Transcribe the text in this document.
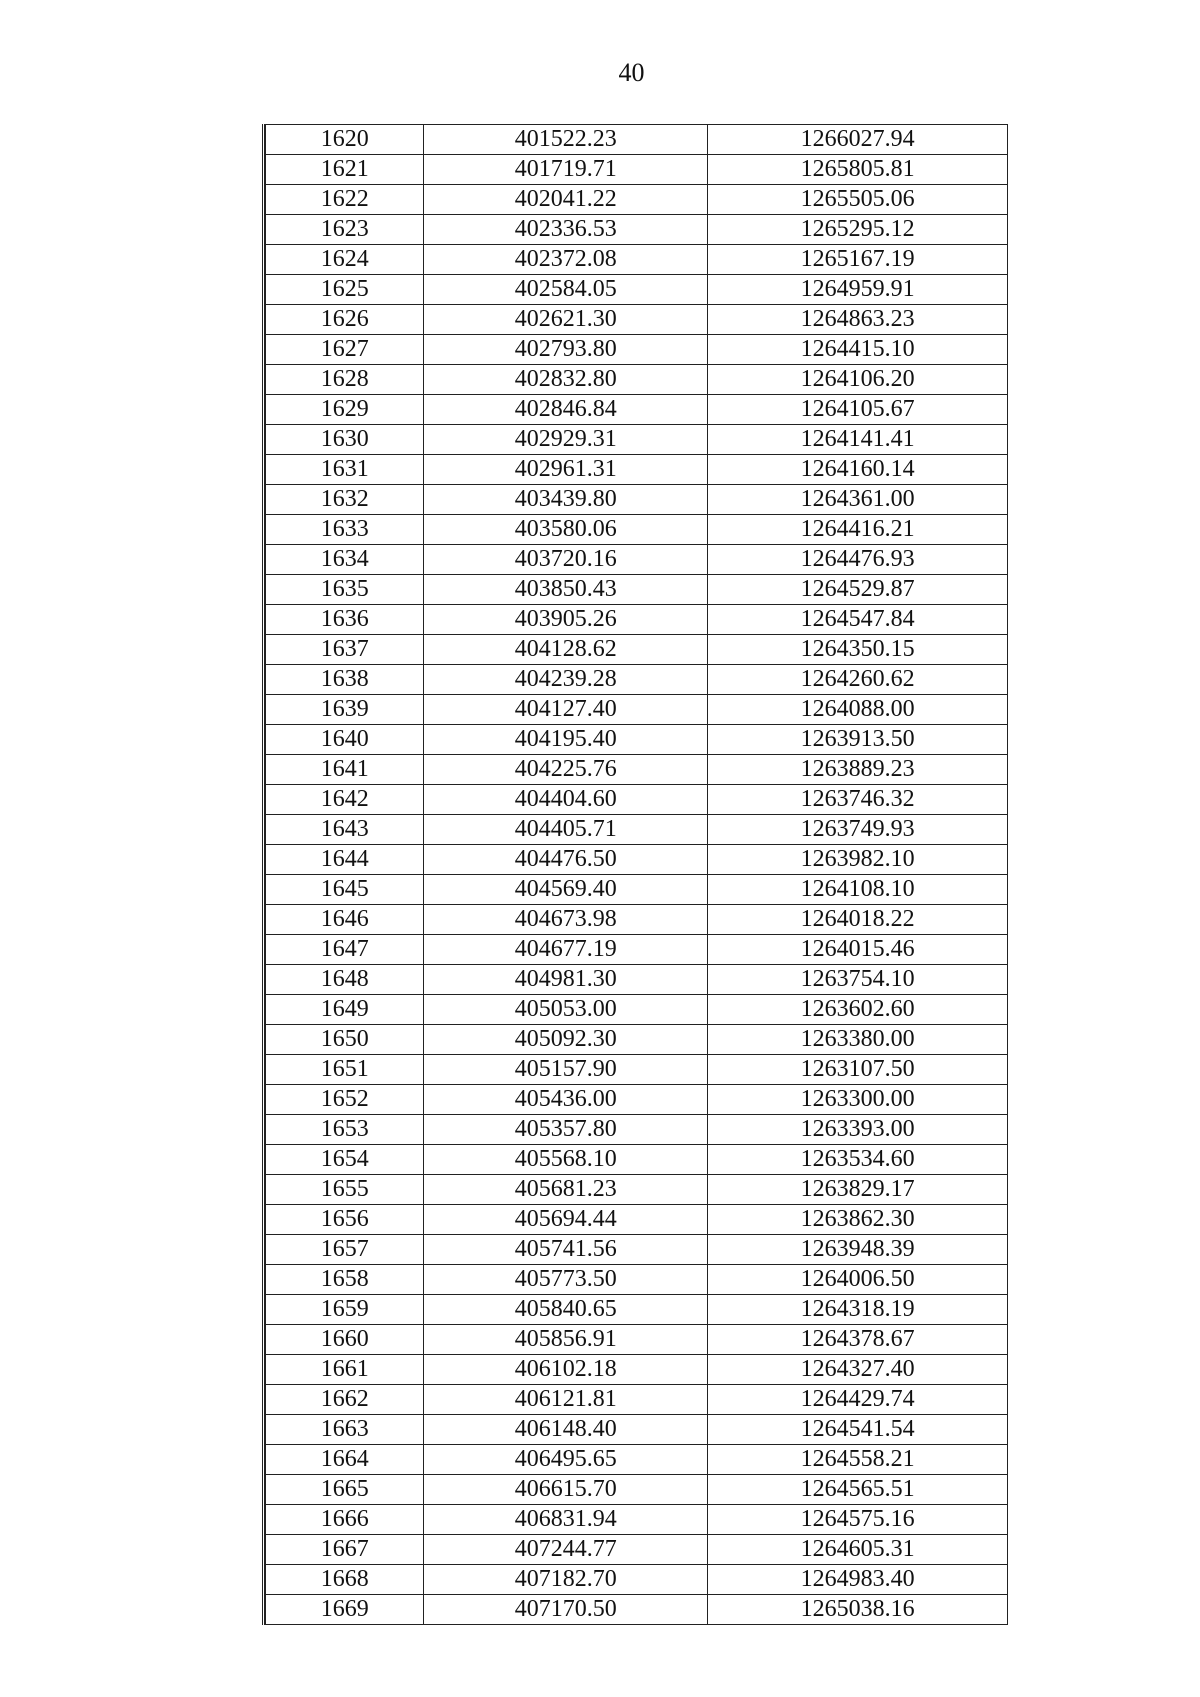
40
1620	401522.23	1266027.94
1621	401719.71	1265805.81
1622	402041.22	1265505.06
1623	402336.53	1265295.12
1624	402372.08	1265167.19
1625	402584.05	1264959.91
1626	402621.30	1264863.23
1627	402793.80	1264415.10
1628	402832.80	1264106.20
1629	402846.84	1264105.67
1630	402929.31	1264141.41
1631	402961.31	1264160.14
1632	403439.80	1264361.00
1633	403580.06	1264416.21
1634	403720.16	1264476.93
1635	403850.43	1264529.87
1636	403905.26	1264547.84
1637	404128.62	1264350.15
1638	404239.28	1264260.62
1639	404127.40	1264088.00
1640	404195.40	1263913.50
1641	404225.76	1263889.23
1642	404404.60	1263746.32
1643	404405.71	1263749.93
1644	404476.50	1263982.10
1645	404569.40	1264108.10
1646	404673.98	1264018.22
1647	404677.19	1264015.46
1648	404981.30	1263754.10
1649	405053.00	1263602.60
1650	405092.30	1263380.00
1651	405157.90	1263107.50
1652	405436.00	1263300.00
1653	405357.80	1263393.00
1654	405568.10	1263534.60
1655	405681.23	1263829.17
1656	405694.44	1263862.30
1657	405741.56	1263948.39
1658	405773.50	1264006.50
1659	405840.65	1264318.19
1660	405856.91	1264378.67
1661	406102.18	1264327.40
1662	406121.81	1264429.74
1663	406148.40	1264541.54
1664	406495.65	1264558.21
1665	406615.70	1264565.51
1666	406831.94	1264575.16
1667	407244.77	1264605.31
1668	407182.70	1264983.40
1669	407170.50	1265038.16
